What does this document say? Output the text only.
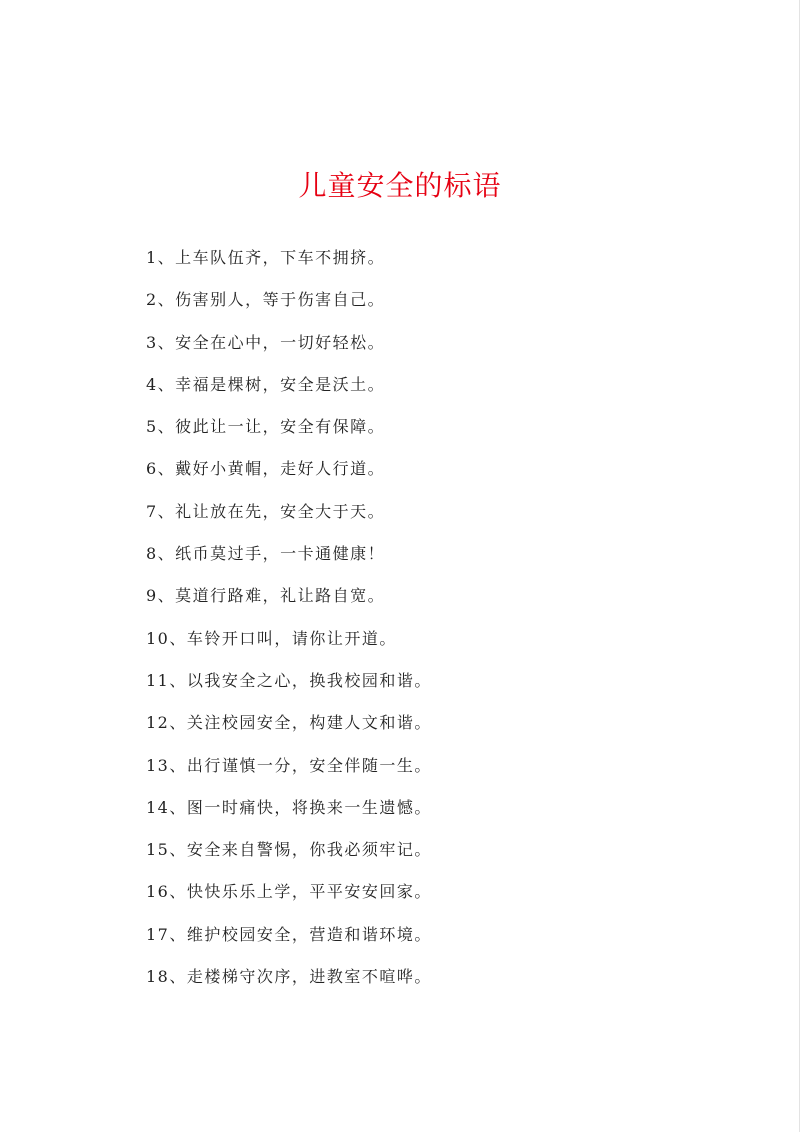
儿童安全的标语
1、上车队伍齐，下车不拥挤。
2、伤害别人，等于伤害自己。
3、安全在心中，一切好轻松。
4、幸福是棵树，安全是沃土。
5、彼此让一让，安全有保障。
6、戴好小黄帽，走好人行道。
7、礼让放在先，安全大于天。
8、纸币莫过手，一卡通健康！
9、莫道行路难，礼让路自宽。
10、车铃开口叫，请你让开道。
11、以我安全之心，换我校园和谐。
12、关注校园安全，构建人文和谐。
13、出行谨慎一分，安全伴随一生。
14、图一时痛快，将换来一生遗憾。
15、安全来自警惕，你我必须牢记。
16、快快乐乐上学，平平安安回家。
17、维护校园安全，营造和谐环境。
18、走楼梯守次序，进教室不喧哗。
